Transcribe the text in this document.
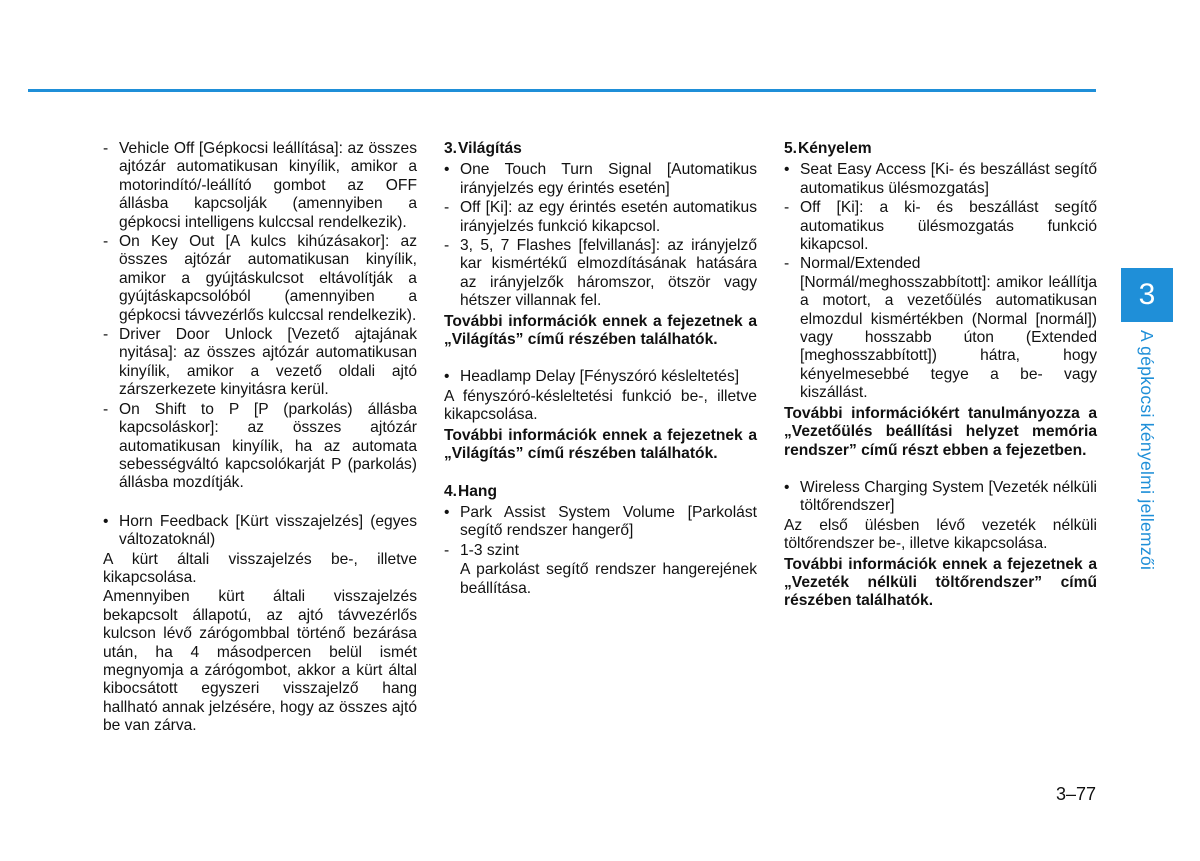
- Vehicle Off [Gépkocsi leállítása]: az összes ajtózár automatikusan kinyílik, amikor a motorindító/-leállító gombot az OFF állásba kapcsolják (amennyiben a gépkocsi intelligens kulccsal rendelkezik).
- On Key Out [A kulcs kihúzásakor]: az összes ajtózár automatikusan kinyílik, amikor a gyújtáskulcsot eltávolítják a gyújtáskapcsolóból (amennyiben a gépkocsi távvezérlős kulccsal rendelkezik).
- Driver Door Unlock [Vezető ajtajának nyitása]: az összes ajtózár automatikusan kinyílik, amikor a vezető oldali ajtó zárszerkezete kinyitásra kerül.
- On Shift to P [P (parkolás) állásba kapcsoláskor]: az összes ajtózár automatikusan kinyílik, ha az automata sebességváltó kapcsolókarját P (parkolás) állásba mozdítják.
• Horn Feedback [Kürt visszajelzés] (egyes változatoknál)
A kürt általi visszajelzés be-, illetve kikapcsolása.
Amennyiben kürt általi visszajelzés bekapcsolt állapotú, az ajtó távvezérlős kulcson lévő zárógombbal történő bezárása után, ha 4 másodpercen belül ismét megnyomja a zárógombot, akkor a kürt által kibocsátott egyszeri visszajelző hang hallható annak jelzésére, hogy az összes ajtó be van zárva.
3.Világítás
• One Touch Turn Signal [Automatikus irányjelzés egy érintés esetén]
- Off [Ki]: az egy érintés esetén automatikus irányjelzés funkció kikapcsol.
- 3, 5, 7 Flashes [felvillanás]: az irányjelző kar kismértékű elmozdításának hatására az irányjelzők háromszor, ötször vagy hétszer villannak fel.
További információk ennek a fejezetnek a „Világítás” című részében találhatók.
• Headlamp Delay [Fényszóró késleltetés]
A fényszóró-késleltetési funkció be-, illetve kikapcsolása.
További információk ennek a fejezetnek a „Világítás” című részében találhatók.
4.Hang
• Park Assist System Volume [Parkolást segítő rendszer hangerő]
- 1-3 szint
A parkolást segítő rendszer hangerejének beállítása.
5.Kényelem
• Seat Easy Access [Ki- és beszállást segítő automatikus ülésmozgatás]
- Off [Ki]: a ki- és beszállást segítő automatikus ülésmozgatás funkció kikapcsol.
- Normal/Extended [Normál/meghosszabbított]: amikor leállítja a motort, a vezetőülés automatikusan elmozdul kismértékben (Normal [normál]) vagy hosszabb úton (Extended [meghosszabbított]) hátra, hogy kényelmesebbé tegye a be- vagy kiszállást.
További információkért tanulmányozza a „Vezetőülés beállítási helyzet memória rendszer” című részt ebben a fejezetben.
• Wireless Charging System [Vezeték nélküli töltőrendszer]
Az első ülésben lévő vezeték nélküli töltőrendszer be-, illetve kikapcsolása.
További információk ennek a fejezetnek a „Vezeték nélküli töltőrendszer” című részében találhatók.
3
A gépkocsi kényelmi jellemzői
3–77
